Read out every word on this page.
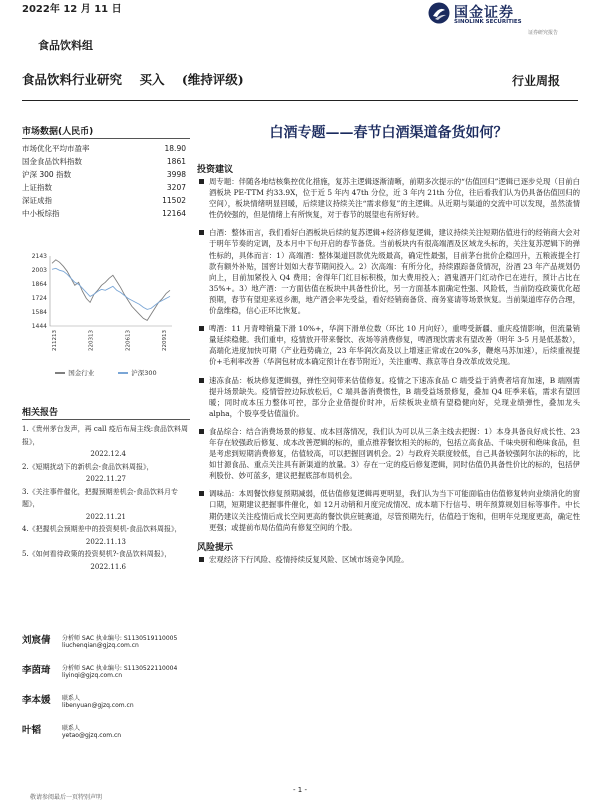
2022年 12 月 11 日	国金证券
SINOLINK SECURITIES
证券研究报告
食品饮料组
食品饮料行业研究 买入 (维持评级)	行业周报
市场数据(人民币)
市场优化平均市盈率	18.90
国金食品饮料指数	1861
沪深 300 指数	3998
上证指数	3207
深证成指	11502
中小板综指	12164
2143
2003
1864
1724
1584
1444
211213	220313	220613	220913
国金行业	沪深300
相关报告
1.《贵州茅台发声，再 call 疫后布局主线:食品饮料周报》，
2022.12.4
2.《短期扰动下的新机会-食品饮料周报》，
2022.11.27
3.《关注事件催化，把握预期差机会-食品饮料月专题》，
2022.11.21
4.《把握机会预期差中的投资契机-食品饮料周报》，
2022.11.13
5.《如何看待政策的投资契机?-食品饮料周报》，
2022.11.6
刘宸倩 分析师 SAC 执业编号: S1130519110005
liuchenqian@gjzq.com.cn
李茵琦 分析师 SAC 执业编号: S1130522110004
liyinqi@gjzq.com.cn
李本媛 联系人
libenyuan@gjzq.com.cn
叶韬	联系人
yetao@gjzq.com.cn
白酒专题——春节白酒渠道备货如何？
投资建议
周专题：伴随各地结核集控优化措施，复苏主逻辑逐渐清晰，前期多次提示的“估值回归”逻辑已逐步兑现（目前白酒板块 PE-TTM 约33.9X，位于近 5 年内 47th 分位，近 3 年内 21th 分位，往后看我们认为仍具备估值回归的空间），板块情绪明显回暖，后续建议持续关注“需求修复”的主逻辑。从近期与渠道的交流中可以发现，虽然渣情性仍较强的，但是情绪上有所恢复，对于春节的展望也有所好转。
白酒：整体而言，我们看好白酒板块后续的复苏逻辑+经济修复逻辑，建议持续关注短期估值进行的经销商大会对于明年节奏的定调，及本月中下旬开启的春节备货。当前板块内有很高端酒及区域龙头标的，关注复苏逻辑下的弹性标的，具体而言：1）高端酒：整体渠道回款优先级最高，确定性最强，目前茅台批价企稳回升，五粮液提全打款有额外补贴，国窖计划如大春节期间投入。2）次高端：有所分化，持续跟踪备货情况，汾酒 23 年产品规划仍向上，目前加紧投入 Q4 费用；舍得年门红目标积极，加大费用投入；酒鬼酒开门红动作已在进行，预计占比在 35%+。3）地产酒：一方面估值在板块中具备性价比，另一方面基本面确定性强、风险低，当前防疫政策优化超预期，春节有望迎来返乡潮，地产酒会率先受益，看好经销商备货、商务宴请等场景恢复。当前渠道库存仍合理，价盘维稳，信心正环比恢复。
啤酒：11 月青啤销量下滑 10%+，华润下滑单位数（环比 10 月向好），重啤受新疆、重庆疫情影响，但流量销量延续稳健。我们重申，疫情放开带来餐饮、夜场等消费修复，啤酒现饮需求有望改善（明年 3-5 月是低基数），高端化进度加快可期（产业趋势确立，23 年华润次高及以上增速正常或在20%多，鞭炮马苏加速），后续重视提价+毛利率改善（华润包材成本确定预计在春节附近），关注重啤、燕京等自身改革成效兑现。
速冻食品：板块修复逻辑强，弹性空间带来估值修复。疫情之下速冻食品 C 端受益于消费者培育加速，B 端刚需提升场景缺失。疫情管控边际放松后，C 端具备消费惯性，B 端受益场景修复，叠加 Q4 旺季来临，需求有望回暖；同时成本压力整体可控，部分企业借提价时冲，后续板块业绩有望稳健向好，兑现业绩弹性，叠加龙头 alpha，个股享受估值溢价。
食品综合：结合消费场景的修复、成本回落情况，我们认为可以从三条主线去把握：1）本身具备良好成长性、23 年存在较强政后修复、成本改善逻辑的标的，重点推荐餐饮相关的标的，包括立高食品、千味央厨和绝味食品，但是考虑到短期消费修复，估值较高，可以把握回调机会。2）与政府关联度较低，自己具备较强阿尔法的标的，比如甘源食品、重点关注具有新渠道的放量。3）存在一定的疫后修复逻辑，同时估值仍具备性价比的标的，包括伊利股份、妙可蓝多，建议把握底部布局机会。
调味品：本周餐饮修复预期减弱，低估值修复逻辑再更明显，我们认为当下可能面临由估值修复转向业绩消化的窗口期，短期建议把握事件催化，如 12月动销和月度完成情况、成本端下行信号、明年预算规划目标等事件。中长期仍建议关注疫情后成长空间更高的餐饮供应链赛道，尽管预期先行，估值趋于饱和，但明年兑现度更高，确定性更强；或提前布局估值尚有修复空间的个股。
风险提示
宏观经济下行风险、疫情持续反复风险、区域市场竞争风险。
- 1 -
敬请参阅最后一页特别声明
